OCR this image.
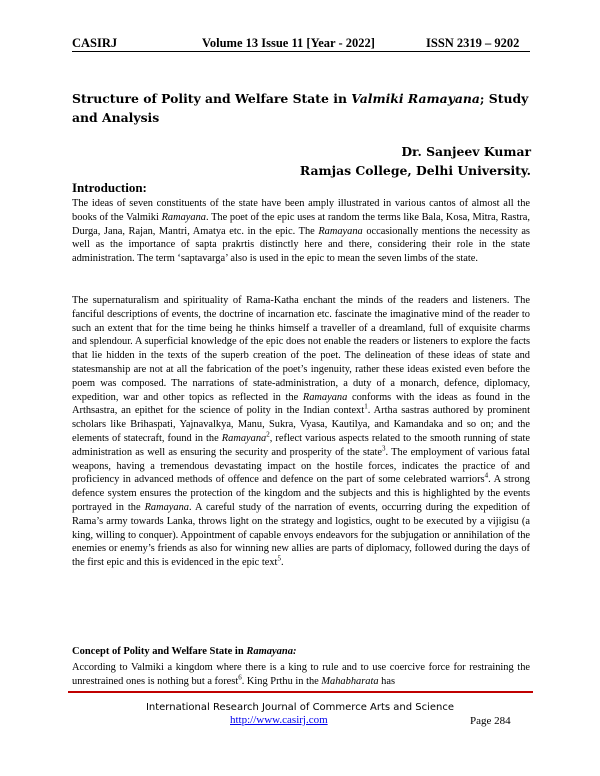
CASIRJ	Volume 13 Issue 11 [Year - 2022]	ISSN 2319 – 9202
Structure of Polity and Welfare State in Valmiki Ramayana; Study and Analysis
Dr. Sanjeev Kumar
Ramjas College, Delhi University.
Introduction:

The ideas of seven constituents of the state have been amply illustrated in various cantos of almost all the books of the Valmiki Ramayana. The poet of the epic uses at random the terms like Bala, Kosa, Mitra, Rastra, Durga, Jana, Rajan, Mantri, Amatya etc. in the epic. The Ramayana occasionally mentions the necessity as well as the importance of sapta prakrtis distinctly here and there, considering their role in the state administration. The term ‘saptavarga’ also is used in the epic to mean the seven limbs of the state.

The supernaturalism and spirituality of Rama-Katha enchant the minds of the readers and listeners. The fanciful descriptions of events, the doctrine of incarnation etc. fascinate the imaginative mind of the reader to such an extent that for the time being he thinks himself a traveller of a dreamland, full of exquisite charms and splendour. A superficial knowledge of the epic does not enable the readers or listeners to explore the facts that lie hidden in the texts of the superb creation of the poet. The delineation of these ideas of state and statesmanship are not at all the fabrication of the poet’s ingenuity, rather these ideas existed even before the poem was composed. The narrations of state-administration, a duty of a monarch, defence, diplomacy, expedition, war and other topics as reflected in the Ramayana conforms with the ideas as found in the Arthsastra, an epithet for the science of polity in the Indian context$^1$. Artha sastras authored by prominent scholars like Brihaspati, Yajnavalkya, Manu, Sukra, Vyasa, Kautilya, and Kamandaka and so on; and the elements of statecraft, found in the Ramayana$^2$, reflect various aspects related to the smooth running of state administration as well as ensuring the security and prosperity of the state$^3$. The employment of various fatal weapons, having a tremendous devastating impact on the hostile forces, indicates the practice of and proficiency in advanced methods of offence and defence on the part of some celebrated warriors$^4$. A strong defence system ensures the protection of the kingdom and the subjects and this is highlighted by the events portrayed in the Ramayana. A careful study of the narration of events, occurring during the expedition of Rama’s army towards Lanka, throws light on the strategy and logistics, ought to be executed by a vijigisu (a king, willing to conquer). Appointment of capable envoys endeavors for the subjugation or annihilation of the enemies or enemy’s friends as also for winning new allies are parts of diplomacy, followed during the days of the first epic and this is evidenced in the epic text$^5$.

Concept of Polity and Welfare State in Ramayana:

According to Valmiki a kingdom where there is a king to rule and to use coercive force for restraining the unrestrained ones is nothing but a forest$^6$. King Prthu in the Mahabharata has

International Research Journal of Commerce Arts and Science
http://www.casirj.com	Page 284
